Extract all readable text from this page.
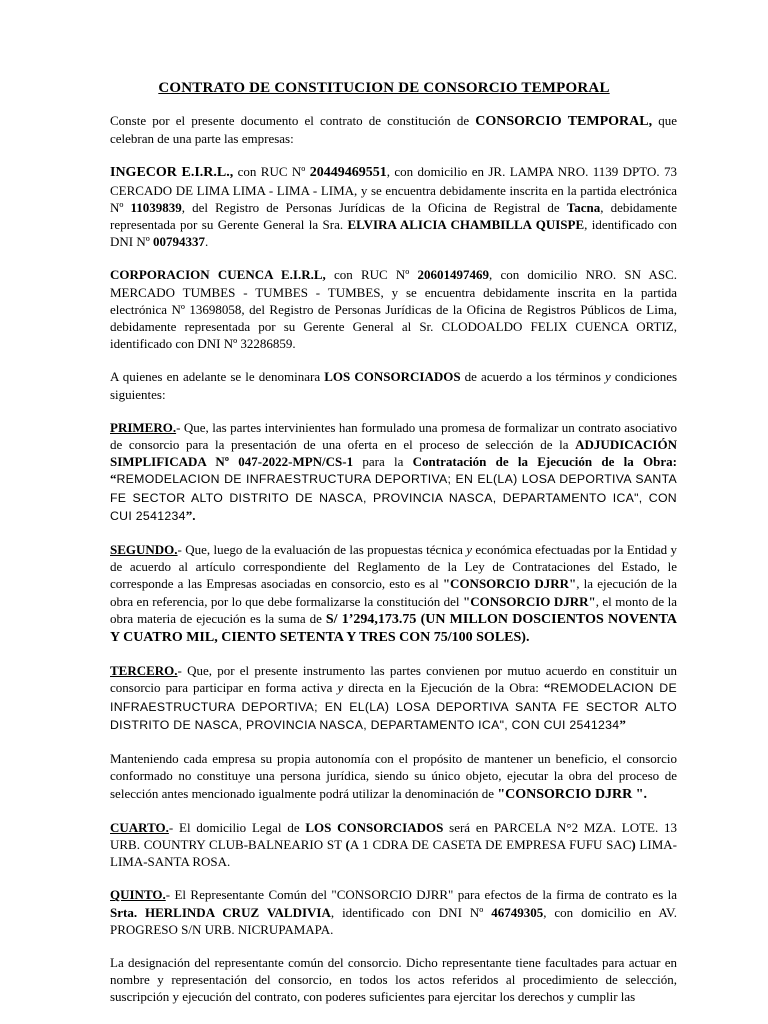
CONTRATO DE CONSTITUCION DE CONSORCIO TEMPORAL

Conste por el presente documento el contrato de constitución de CONSORCIO TEMPORAL, que celebran de una parte las empresas:

INGECOR E.I.R.L., con RUC Nº 20449469551, con domicilio en JR. LAMPA NRO. 1139 DPTO. 73 CERCADO DE LIMA LIMA - LIMA - LIMA, y se encuentra debidamente inscrita en la partida electrónica Nº 11039839, del Registro de Personas Jurídicas de la Oficina de Registral de Tacna, debidamente representada por su Gerente General la Sra. ELVIRA ALICIA CHAMBILLA QUISPE, identificado con DNI Nº 00794337.

CORPORACION CUENCA E.I.R.L, con RUC Nº 20601497469, con domicilio NRO. SN ASC. MERCADO TUMBES - TUMBES - TUMBES, y se encuentra debidamente inscrita en la partida electrónica Nº 13698058, del Registro de Personas Jurídicas de la Oficina de Registros Públicos de Lima, debidamente representada por su Gerente General al Sr. CLODOALDO FELIX CUENCA ORTIZ, identificado con DNI Nº 32286859.

A quienes en adelante se le denominara LOS CONSORCIADOS de acuerdo a los términos y condiciones siguientes:

PRIMERO.- Que, las partes intervinientes han formulado una promesa de formalizar un contrato asociativo de consorcio para la presentación de una oferta en el proceso de selección de la ADJUDICACIÓN SIMPLIFICADA Nº 047-2022-MPN/CS-1 para la Contratación de la Ejecución de la Obra: “REMODELACION DE INFRAESTRUCTURA DEPORTIVA; EN EL(LA) LOSA DEPORTIVA SANTA FE SECTOR ALTO DISTRITO DE NASCA, PROVINCIA NASCA, DEPARTAMENTO ICA", CON CUI 2541234”.

SEGUNDO.- Que, luego de la evaluación de las propuestas técnica y económica efectuadas por la Entidad y de acuerdo al artículo correspondiente del Reglamento de la Ley de Contrataciones del Estado, le corresponde a las Empresas asociadas en consorcio, esto es al "CONSORCIO DJRR", la ejecución de la obra en referencia, por lo que debe formalizarse la constitución del "CONSORCIO DJRR", el monto de la obra materia de ejecución es la suma de S/ 1’294,173.75 (UN MILLON DOSCIENTOS NOVENTA Y CUATRO MIL, CIENTO SETENTA Y TRES CON 75/100 SOLES).

TERCERO.- Que, por el presente instrumento las partes convienen por mutuo acuerdo en constituir un consorcio para participar en forma activa y directa en la Ejecución de la Obra: “REMODELACION DE INFRAESTRUCTURA DEPORTIVA; EN EL(LA) LOSA DEPORTIVA SANTA FE SECTOR ALTO DISTRITO DE NASCA, PROVINCIA NASCA, DEPARTAMENTO ICA", CON CUI 2541234”

Manteniendo cada empresa su propia autonomía con el propósito de mantener un beneficio, el consorcio conformado no constituye una persona jurídica, siendo su único objeto, ejecutar la obra del proceso de selección antes mencionado igualmente podrá utilizar la denominación de "CONSORCIO DJRR ".

CUARTO.- El domicilio Legal de LOS CONSORCIADOS será en PARCELA N°2 MZA. LOTE. 13 URB. COUNTRY CLUB-BALNEARIO ST (A 1 CDRA DE CASETA DE EMPRESA FUFU SAC) LIMA-LIMA-SANTA ROSA.

QUINTO.- El Representante Común del "CONSORCIO DJRR" para efectos de la firma de contrato es la Srta. HERLINDA CRUZ VALDIVIA, identificado con DNI Nº 46749305, con domicilio en AV. PROGRESO S/N URB. NICRUPAMAPA.

La designación del representante común del consorcio. Dicho representante tiene facultades para actuar en nombre y representación del consorcio, en todos los actos referidos al procedimiento de selección, suscripción y ejecución del contrato, con poderes suficientes para ejercitar los derechos y cumplir las
